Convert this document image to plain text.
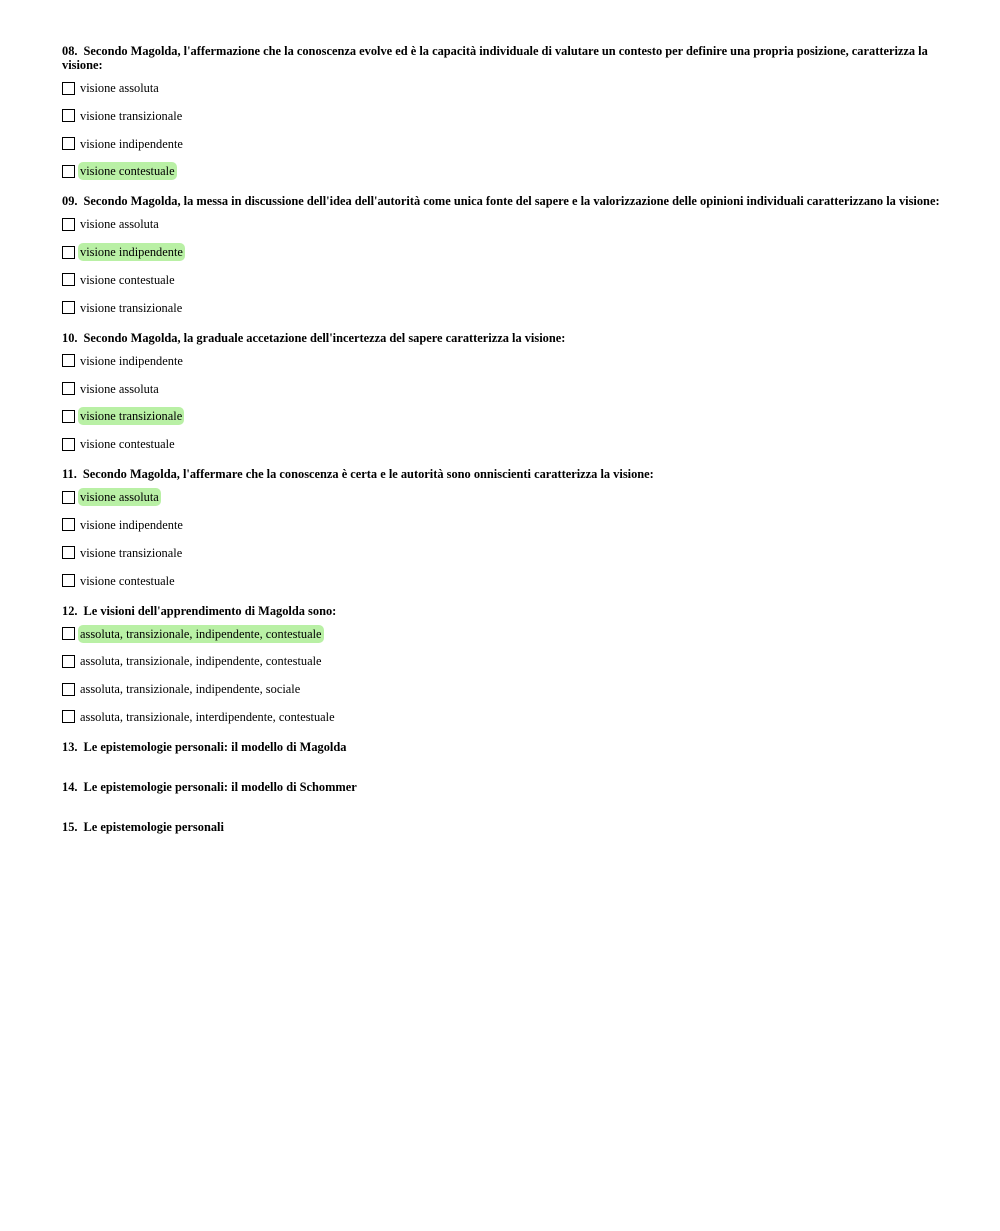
08. Secondo Magolda, l'affermazione che la conoscenza evolve ed è la capacità individuale di valutare un contesto per definire una propria posizione, caratterizza la visione:

visione assoluta
visione transizionale
visione indipendente
visione contestuale

09. Secondo Magolda, la messa in discussione dell'idea dell'autorità come unica fonte del sapere e la valorizzazione delle opinioni individuali caratterizzano la visione:

visione assoluta
visione indipendente
visione contestuale
visione transizionale

10. Secondo Magolda, la graduale accetazione dell'incertezza del sapere caratterizza la visione:

visione indipendente
visione assoluta
visione transizionale
visione contestuale

11. Secondo Magolda, l'affermare che la conoscenza è certa e le autorità sono onniscienti caratterizza la visione:

visione assoluta
visione indipendente
visione transizionale
visione contestuale

12. Le visioni dell'apprendimento di Magolda sono:

assoluta, transizionale, indipendente, contestuale
assoluta, transizionale, indipendente, contestuale
assoluta, transizionale, indipendente, sociale
assoluta, transizionale, interdipendente, contestuale

13. Le epistemologie personali: il modello di Magolda

14. Le epistemologie personali: il modello di Schommer

15. Le epistemologie personali
